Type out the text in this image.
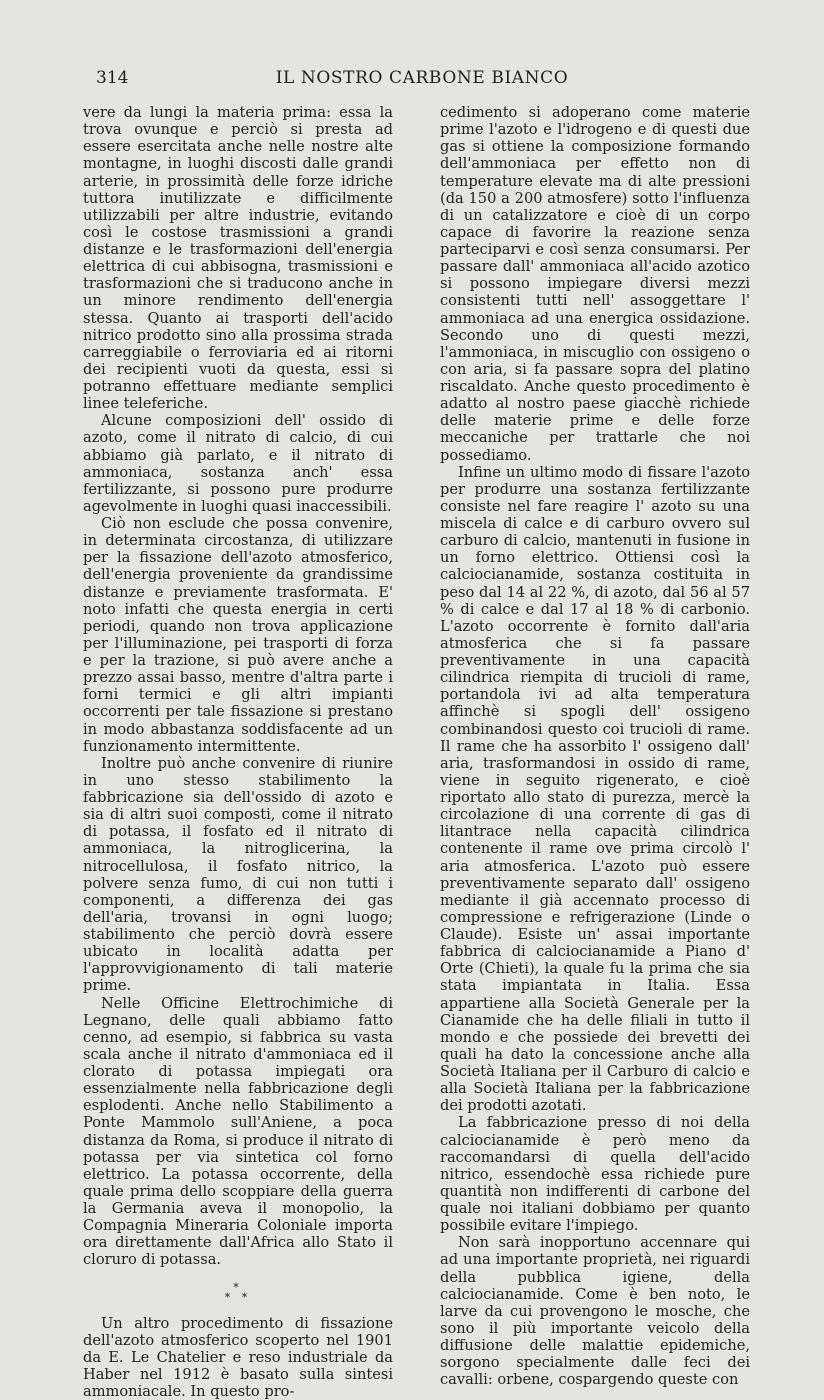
314	IL NOSTRO CARBONE BIANCO

vere da lungi la materia prima: essa la trova ovunque e perciò si presta ad essere esercitata anche nelle nostre alte montagne, in luoghi discosti dalle grandi arterie, in prossimità delle forze idriche tuttora inutilizzate e difficilmente utilizzabili per altre industrie, evitando così le costose trasmissioni a grandi distanze e le trasformazioni dell'energia elettrica di cui abbisogna, trasmissioni e trasformazioni che si traducono anche in un minore rendimento dell'energia stessa. Quanto ai trasporti dell'acido nitrico prodotto sino alla prossima strada carreggiabile o ferroviaria ed ai ritorni dei recipienti vuoti da questa, essi si potranno effettuare mediante semplici linee teleferiche.

Alcune composizioni dell' ossido di azoto, come il nitrato di calcio, di cui abbiamo già parlato, e il nitrato di ammoniaca, sostanza anch' essa fertilizzante, si possono pure produrre agevolmente in luoghi quasi inaccessibili.

Ciò non esclude che possa convenire, in determinata circostanza, di utilizzare per la fissazione dell'azoto atmosferico, dell'energia proveniente da grandissime distanze e previamente trasformata. E' noto infatti che questa energia in certi periodi, quando non trova applicazione per l'illuminazione, pei trasporti di forza e per la trazione, si può avere anche a prezzo assai basso, mentre d'altra parte i forni termici e gli altri impianti occorrenti per tale fissazione si prestano in modo abbastanza soddisfacente ad un funzionamento intermittente.

Inoltre può anche convenire di riunire in uno stesso stabilimento la fabbricazione sia dell'ossido di azoto e sia di altri suoi composti, come il nitrato di potassa, il fosfato ed il nitrato di ammoniaca, la nitroglicerina, la nitrocellulosa, il fosfato nitrico, la polvere senza fumo, di cui non tutti i componenti, a differenza dei gas dell'aria, trovansi in ogni luogo; stabilimento che perciò dovrà essere ubicato in località adatta per l'approvvigionamento di tali materie prime.

Nelle Officine Elettrochimiche di Legnano, delle quali abbiamo fatto cenno, ad esempio, si fabbrica su vasta scala anche il nitrato d'ammoniaca ed il clorato di potassa impiegati ora essenzialmente nella fabbricazione degli esplodenti. Anche nello Stabilimento a Ponte Mammolo sull'Aniene, a poca distanza da Roma, si produce il nitrato di potassa per via sintetica col forno elettrico. La potassa occorrente, della quale prima dello scoppiare della guerra la Germania aveva il monopolio, la Compagnia Mineraria Coloniale importa ora direttamente dall'Africa allo Stato il cloruro di potassa.

*
* *

Un altro procedimento di fissazione dell'azoto atmosferico scoperto nel 1901 da E. Le Chatelier e reso industriale da Haber nel 1912 è basato sulla sintesi ammoniacale. In questo pro-

cedimento si adoperano come materie prime l'azoto e l'idrogeno e di questi due gas si ottiene la composizione formando dell'ammoniaca per effetto non di temperature elevate ma di alte pressioni (da 150 a 200 atmosfere) sotto l'influenza di un catalizzatore e cioè di un corpo capace di favorire la reazione senza parteciparvi e così senza consumarsi. Per passare dall' ammoniaca all'acido azotico si possono impiegare diversi mezzi consistenti tutti nell' assoggettare l' ammoniaca ad una energica ossidazione. Secondo uno di questi mezzi, l'ammoniaca, in miscuglio con ossigeno o con aria, si fa passare sopra del platino riscaldato. Anche questo procedimento è adatto al nostro paese giacchè richiede delle materie prime e delle forze meccaniche per trattarle che noi possediamo.

Infine un ultimo modo di fissare l'azoto per produrre una sostanza fertilizzante consiste nel fare reagire l' azoto su una miscela di calce e di carburo ovvero sul carburo di calcio, mantenuti in fusione in un forno elettrico. Ottiensi così la calciocianamide, sostanza costituita in peso dal 14 al 22 %, di azoto, dal 56 al 57 % di calce e dal 17 al 18 % di carbonio. L'azoto occorrente è fornito dall'aria atmosferica che si fa passare preventivamente in una capacità cilindrica riempita di trucioli di rame, portandola ivi ad alta temperatura affinchè si spogli dell' ossigeno combinandosi questo coi trucioli di rame. Il rame che ha assorbito l' ossigeno dall' aria, trasformandosi in ossido di rame, viene in seguito rigenerato, e cioè riportato allo stato di purezza, mercè la circolazione di una corrente di gas di litantrace nella capacità cilindrica contenente il rame ove prima circolò l' aria atmosferica. L'azoto può essere preventivamente separato dall' ossigeno mediante il già accennato processo di compressione e refrigerazione (Linde o Claude). Esiste un' assai importante fabbrica di calciocianamide a Piano d' Orte (Chieti), la quale fu la prima che sia stata impiantata in Italia. Essa appartiene alla Società Generale per la Cianamide che ha delle filiali in tutto il mondo e che possiede dei brevetti dei quali ha dato la concessione anche alla Società Italiana per il Carburo di calcio e alla Società Italiana per la fabbricazione dei prodotti azotati.

La fabbricazione presso di noi della calciocianamide è però meno da raccomandarsi di quella dell'acido nitrico, essendochè essa richiede pure quantità non indifferenti di carbone del quale noi italiani dobbiamo per quanto possibile evitare l'impiego.

Non sarà inopportuno accennare qui ad una importante proprietà, nei riguardi della pubblica igiene, della calciocianamide. Come è ben noto, le larve da cui provengono le mosche, che sono il più importante veicolo della diffusione delle malattie epidemiche, sorgono specialmente dalle feci dei cavalli: orbene, cospargendo queste con
